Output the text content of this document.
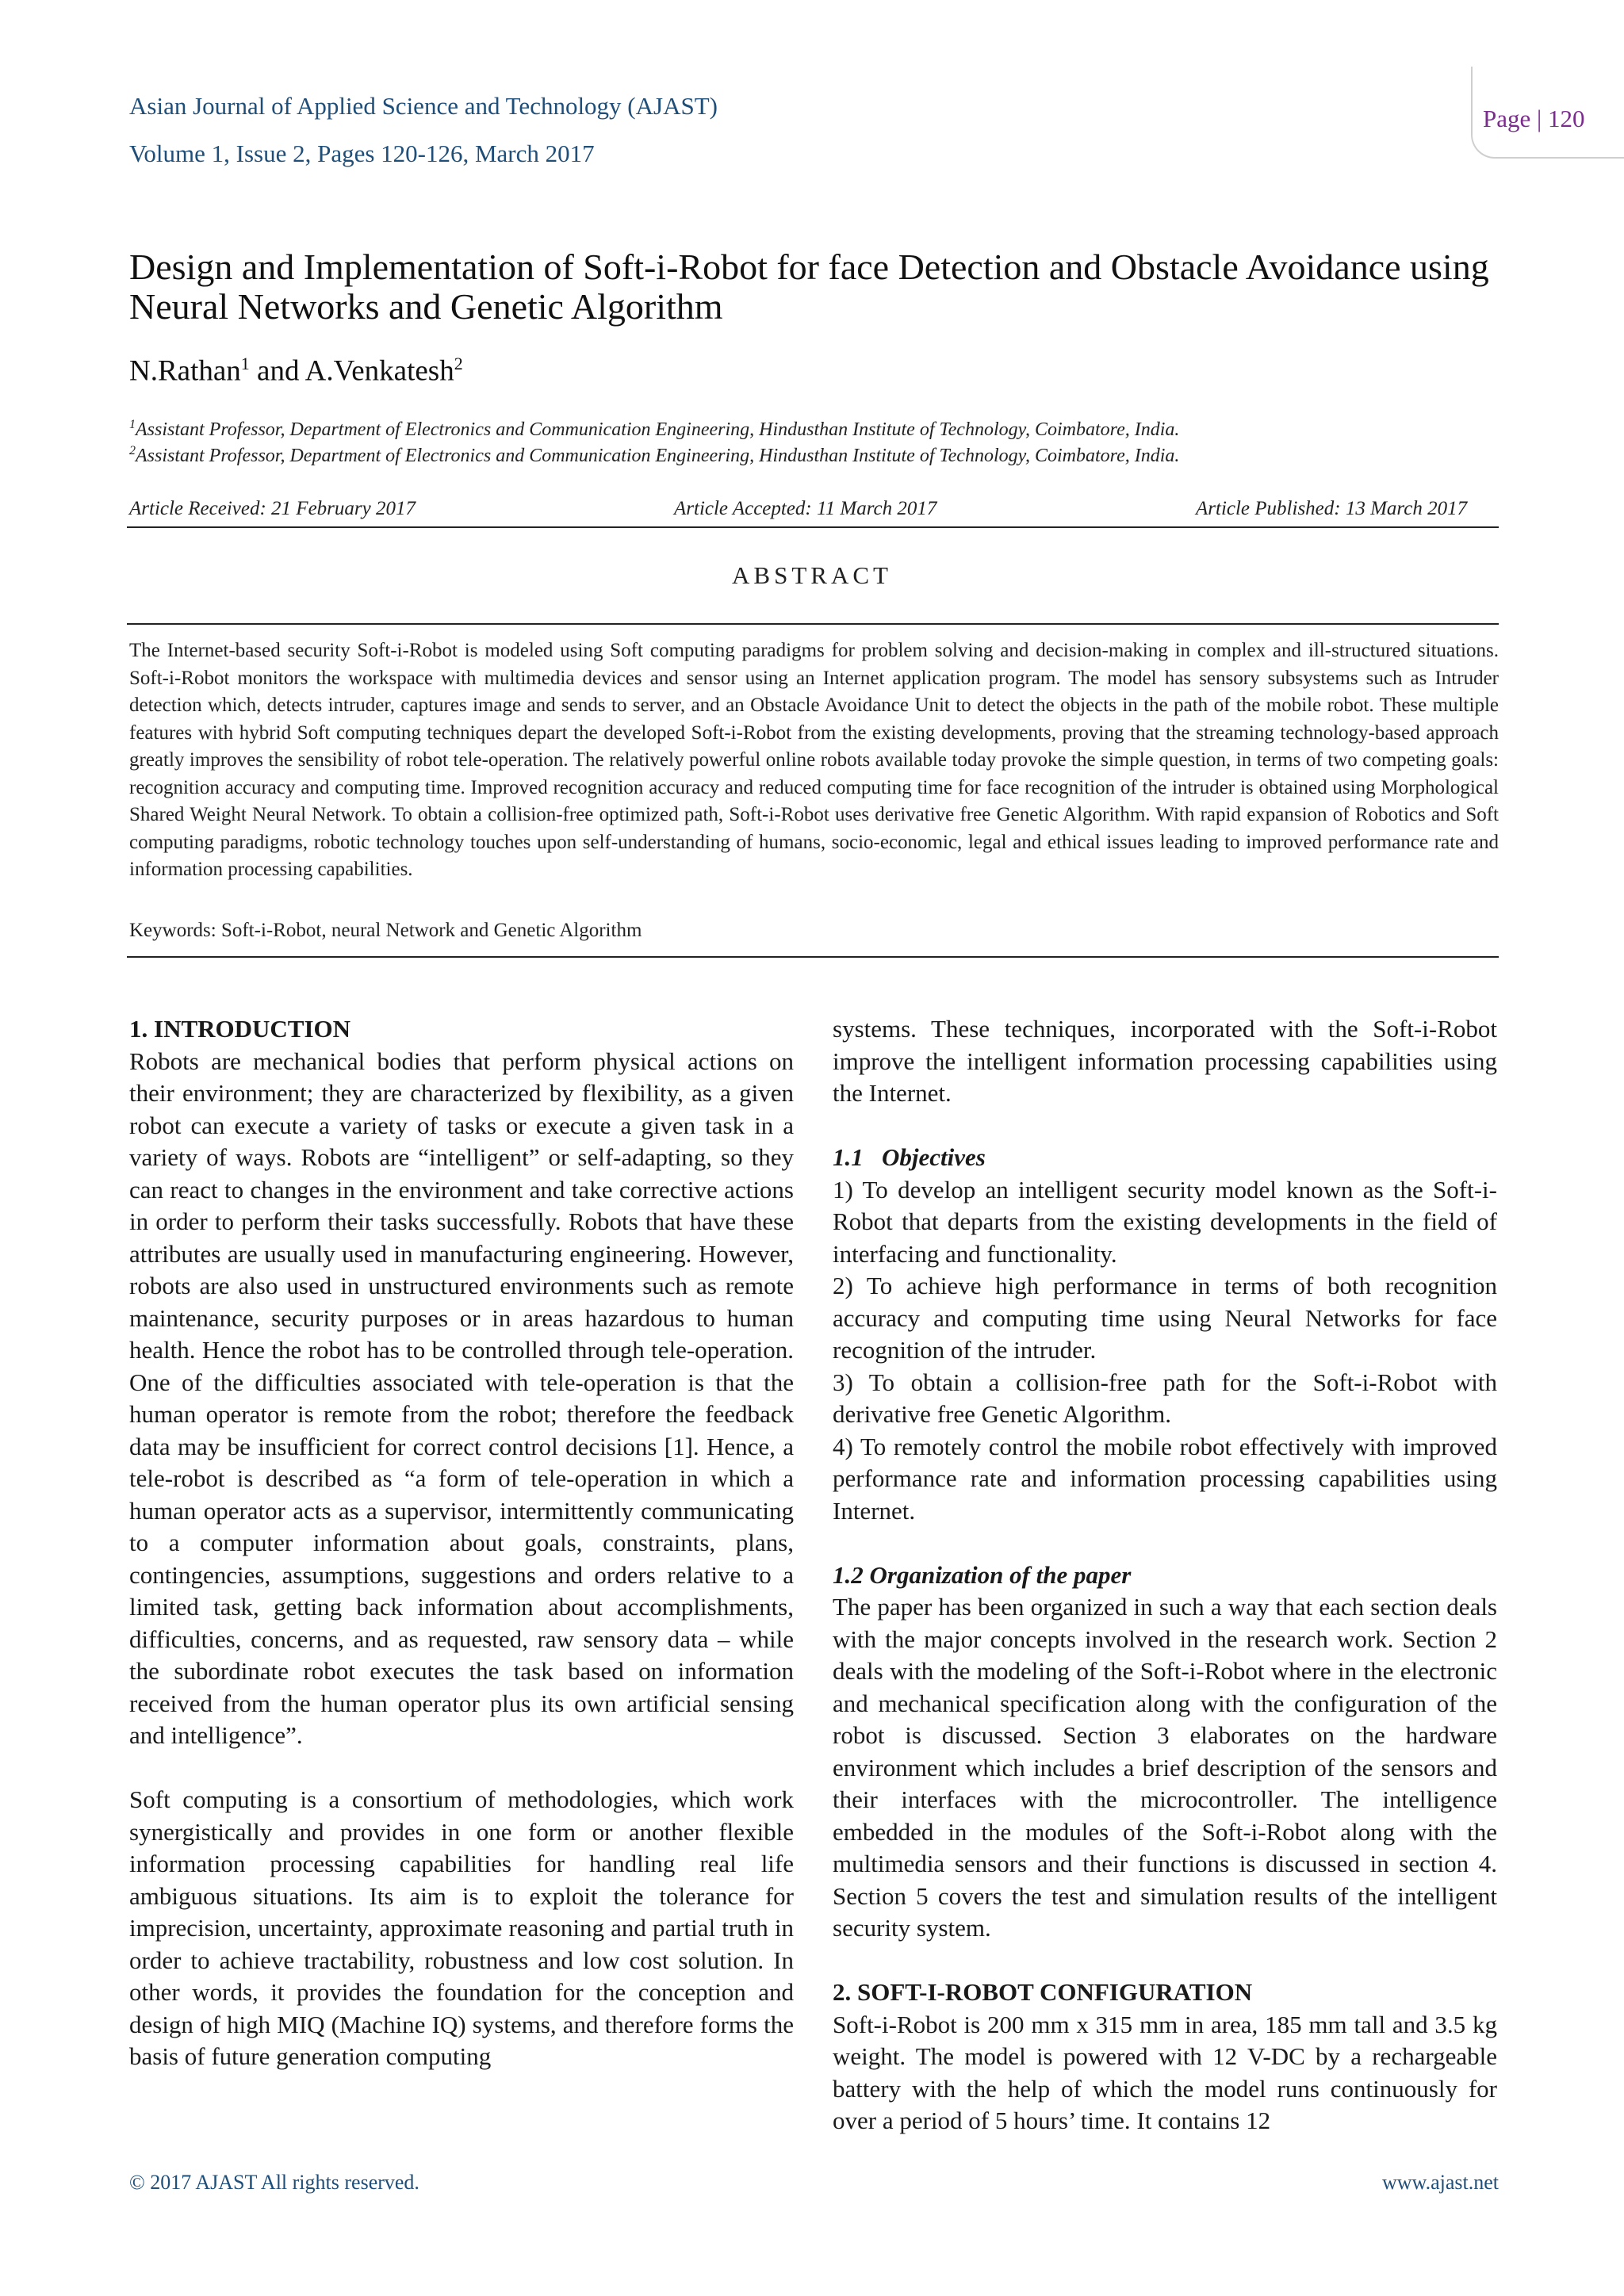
Asian Journal of Applied Science and Technology (AJAST)
Volume 1, Issue 2, Pages 120-126, March 2017
Page | 120
Design and Implementation of Soft-i-Robot for face Detection and Obstacle Avoidance using Neural Networks and Genetic Algorithm
N.Rathan$^1$ and A.Venkatesh$^2$
$^1$Assistant Professor, Department of Electronics and Communication Engineering, Hindusthan Institute of Technology, Coimbatore, India.
$^2$Assistant Professor, Department of Electronics and Communication Engineering, Hindusthan Institute of Technology, Coimbatore, India.
Article Received: 21 February 2017	Article Accepted: 11 March 2017	Article Published: 13 March 2017
ABSTRACT
The Internet-based security Soft-i-Robot is modeled using Soft computing paradigms for problem solving and decision-making in complex and ill-structured situations. Soft-i-Robot monitors the workspace with multimedia devices and sensor using an Internet application program. The model has sensory subsystems such as Intruder detection which, detects intruder, captures image and sends to server, and an Obstacle Avoidance Unit to detect the objects in the path of the mobile robot. These multiple features with hybrid Soft computing techniques depart the developed Soft-i-Robot from the existing developments, proving that the streaming technology-based approach greatly improves the sensibility of robot tele-operation. The relatively powerful online robots available today provoke the simple question, in terms of two competing goals: recognition accuracy and computing time. Improved recognition accuracy and reduced computing time for face recognition of the intruder is obtained using Morphological Shared Weight Neural Network. To obtain a collision-free optimized path, Soft-i-Robot uses derivative free Genetic Algorithm. With rapid expansion of Robotics and Soft computing paradigms, robotic technology touches upon self-understanding of humans, socio-economic, legal and ethical issues leading to improved performance rate and information processing capabilities.
Keywords: Soft-i-Robot, neural Network and Genetic Algorithm

1. INTRODUCTION

Robots are mechanical bodies that perform physical actions on their environment; they are characterized by flexibility, as a given robot can execute a variety of tasks or execute a given task in a variety of ways. Robots are “intelligent” or self-adapting, so they can react to changes in the environment and take corrective actions in order to perform their tasks successfully. Robots that have these attributes are usually used in manufacturing engineering. However, robots are also used in unstructured environments such as remote maintenance, security purposes or in areas hazardous to human health. Hence the robot has to be controlled through tele-operation. One of the difficulties associated with tele-operation is that the human operator is remote from the robot; therefore the feedback data may be insufficient for correct control decisions [1]. Hence, a tele-robot is described as “a form of tele-operation in which a human operator acts as a supervisor, intermittently communicating to a computer information about goals, constraints, plans, contingencies, assumptions, suggestions and orders relative to a limited task, getting back information about accomplishments, difficulties, concerns, and as requested, raw sensory data – while the subordinate robot executes the task based on information received from the human operator plus its own artificial sensing and intelligence”.

Soft computing is a consortium of methodologies, which work synergistically and provides in one form or another flexible information processing capabilities for handling real life ambiguous situations. Its aim is to exploit the tolerance for imprecision, uncertainty, approximate reasoning and partial truth in order to achieve tractability, robustness and low cost solution. In other words, it provides the foundation for the conception and design of high MIQ (Machine IQ) systems, and therefore forms the basis of future generation computing

systems. These techniques, incorporated with the Soft-i-Robot improve the intelligent information processing capabilities using the Internet.

1.1   Objectives

1) To develop an intelligent security model known as the Soft-i-Robot that departs from the existing developments in the field of interfacing and functionality.

2) To achieve high performance in terms of both recognition accuracy and computing time using Neural Networks for face recognition of the intruder.

3) To obtain a collision-free path for the Soft-i-Robot with derivative free Genetic Algorithm.

4) To remotely control the mobile robot effectively with improved performance rate and information processing capabilities using Internet.

1.2 Organization of the paper

The paper has been organized in such a way that each section deals with the major concepts involved in the research work. Section 2 deals with the modeling of the Soft-i-Robot where in the electronic and mechanical specification along with the configuration of the robot is discussed. Section 3 elaborates on the hardware environment which includes a brief description of the sensors and their interfaces with the microcontroller. The intelligence embedded in the modules of the Soft-i-Robot along with the multimedia sensors and their functions is discussed in section 4. Section 5 covers the test and simulation results of the intelligent security system.

2. SOFT-I-ROBOT CONFIGURATION

Soft-i-Robot is 200 mm x 315 mm in area, 185 mm tall and 3.5 kg weight. The model is powered with 12 V-DC by a rechargeable battery with the help of which the model runs continuously for over a period of 5 hours’ time. It contains 12

© 2017 AJAST All rights reserved.	www.ajast.net
